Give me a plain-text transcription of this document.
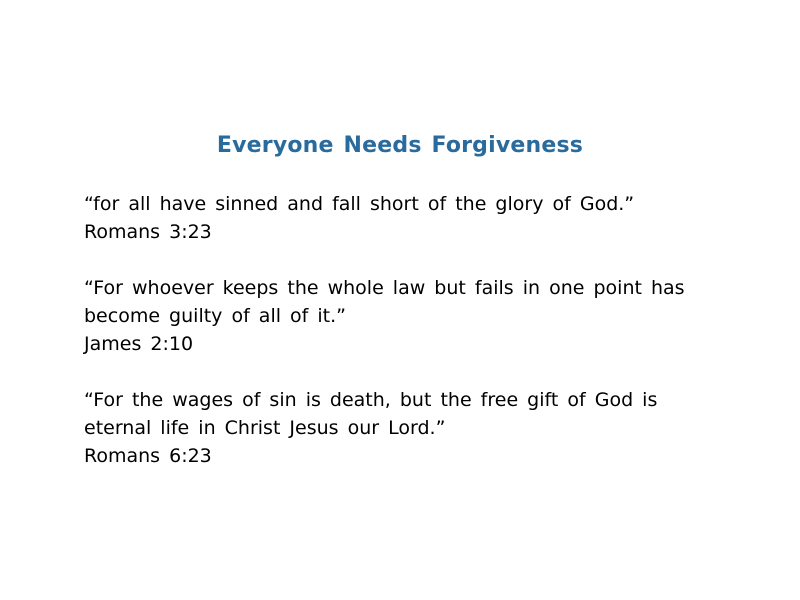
Everyone Needs Forgiveness
“for all have sinned and fall short of the glory of God.”
Romans 3:23
“For whoever keeps the whole law but fails in one point has
become guilty of all of it.”
James 2:10
“For the wages of sin is death, but the free gift of God is
eternal life in Christ Jesus our Lord.”
Romans 6:23
